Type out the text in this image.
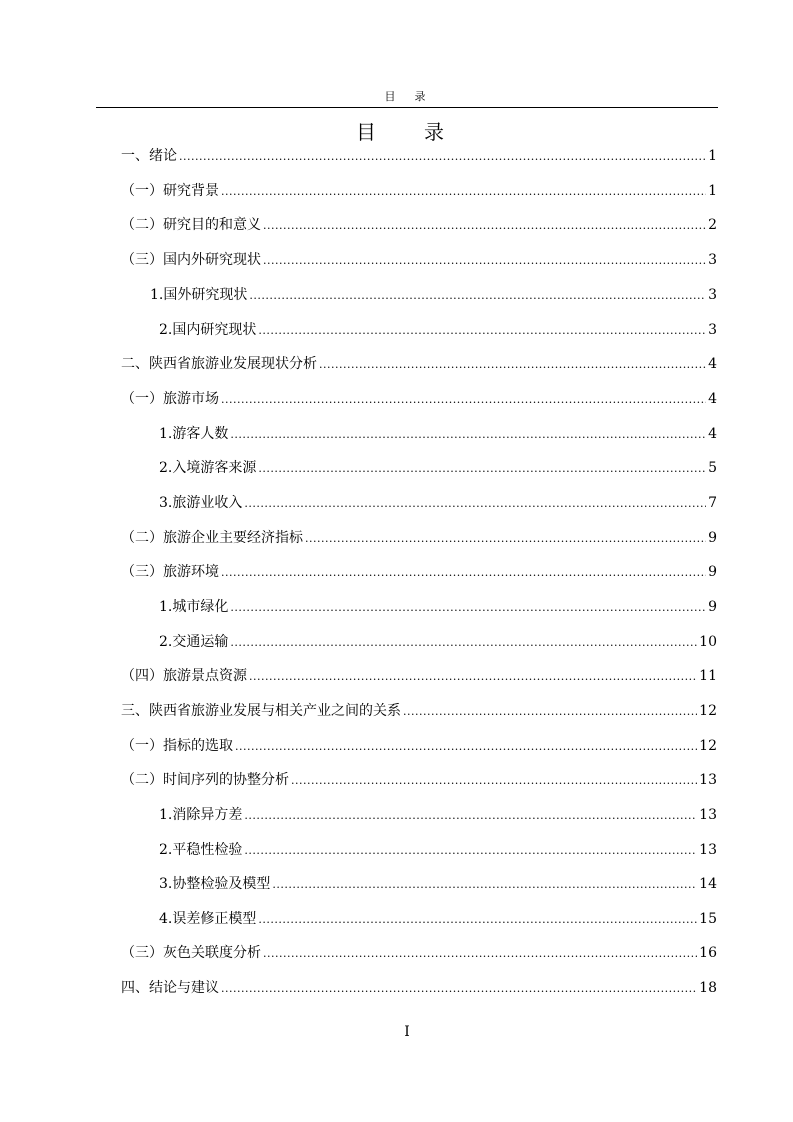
目　录
目　录
一、绪论 .....	1
（一）研究背景 .....	1
（二）研究目的和意义 .....	2
（三）国内外研究现状 .....	3
1.国外研究现状 .....	3
2.国内研究现状 .....	3
二、陕西省旅游业发展现状分析 .....	4
（一）旅游市场 .....	4
1.游客人数 .....	4
2.入境游客来源 .....	5
3.旅游业收入 .....	7
（二）旅游企业主要经济指标 .....	9
（三）旅游环境 .....	9
1.城市绿化 .....	9
2.交通运输 .....	10
（四）旅游景点资源 .....	11
三、陕西省旅游业发展与相关产业之间的关系 .....	12
（一）指标的选取 .....	12
（二）时间序列的协整分析 .....	13
1.消除异方差 .....	13
2.平稳性检验 .....	13
3.协整检验及模型 .....	14
4.误差修正模型 .....	15
（三）灰色关联度分析 .....	16
四、结论与建议 .....	18
I
